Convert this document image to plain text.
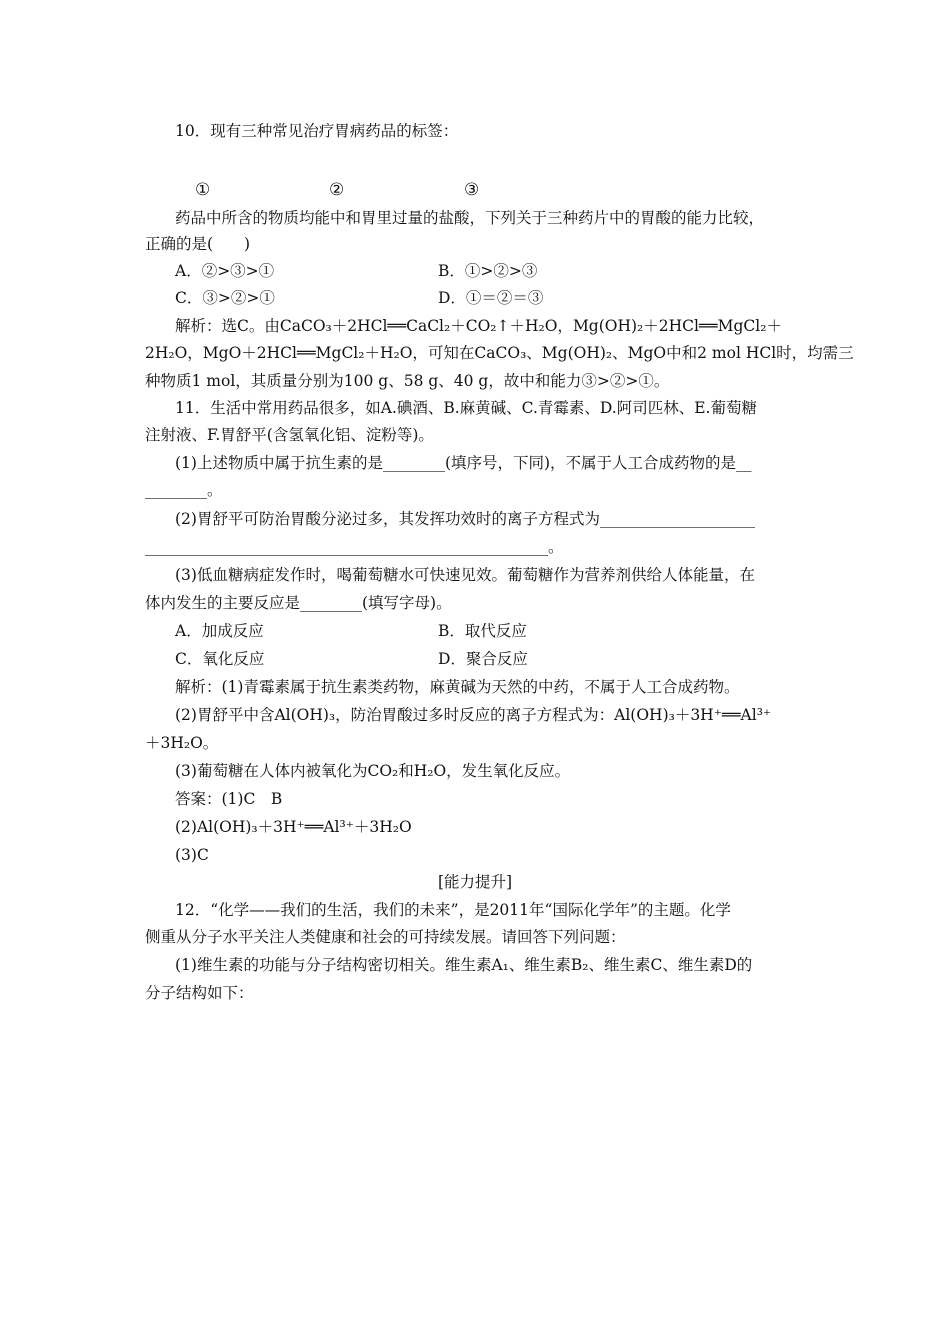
10．现有三种常见治疗胃病药品的标签：
①	②	③
药品中所含的物质均能中和胃里过量的盐酸，下列关于三种药片中的胃酸的能力比较，
正确的是(　　)
A．②>③>①	B．①>②>③
C．③>②>①	D．①＝②＝③
解析：选C。由CaCO₃＋2HCl══CaCl₂＋CO₂↑＋H₂O，Mg(OH)₂＋2HCl══MgCl₂＋
2H₂O，MgO＋2HCl══MgCl₂＋H₂O，可知在CaCO₃、Mg(OH)₂、MgO中和2 mol HCl时，均需三
种物质1 mol，其质量分别为100 g、58 g、40 g，故中和能力③>②>①。
11．生活中常用药品很多，如A.碘酒、B.麻黄碱、C.青霉素、D.阿司匹林、E.葡萄糖
注射液、F.胃舒平(含氢氧化铝、淀粉等)。
(1)上述物质中属于抗生素的是________(填序号，下同)，不属于人工合成药物的是__
________。
(2)胃舒平可防治胃酸分泌过多，其发挥功效时的离子方程式为____________________
____________________________________________________。
(3)低血糖病症发作时，喝葡萄糖水可快速见效。葡萄糖作为营养剂供给人体能量，在
体内发生的主要反应是________(填写字母)。
A．加成反应	B．取代反应
C．氧化反应	D．聚合反应
解析：(1)青霉素属于抗生素类药物，麻黄碱为天然的中药，不属于人工合成药物。
(2)胃舒平中含Al(OH)₃，防治胃酸过多时反应的离子方程式为：Al(OH)₃＋3H⁺══Al³⁺
＋3H₂O。
(3)葡萄糖在人体内被氧化为CO₂和H₂O，发生氧化反应。
答案：(1)C　B
(2)Al(OH)₃＋3H⁺══Al³⁺＋3H₂O
(3)C
[能力提升]
12．“化学——我们的生活，我们的未来”，是2011年“国际化学年”的主题。化学
侧重从分子水平关注人类健康和社会的可持续发展。请回答下列问题：
(1)维生素的功能与分子结构密切相关。维生素A₁、维生素B₂、维生素C、维生素D的
分子结构如下：
